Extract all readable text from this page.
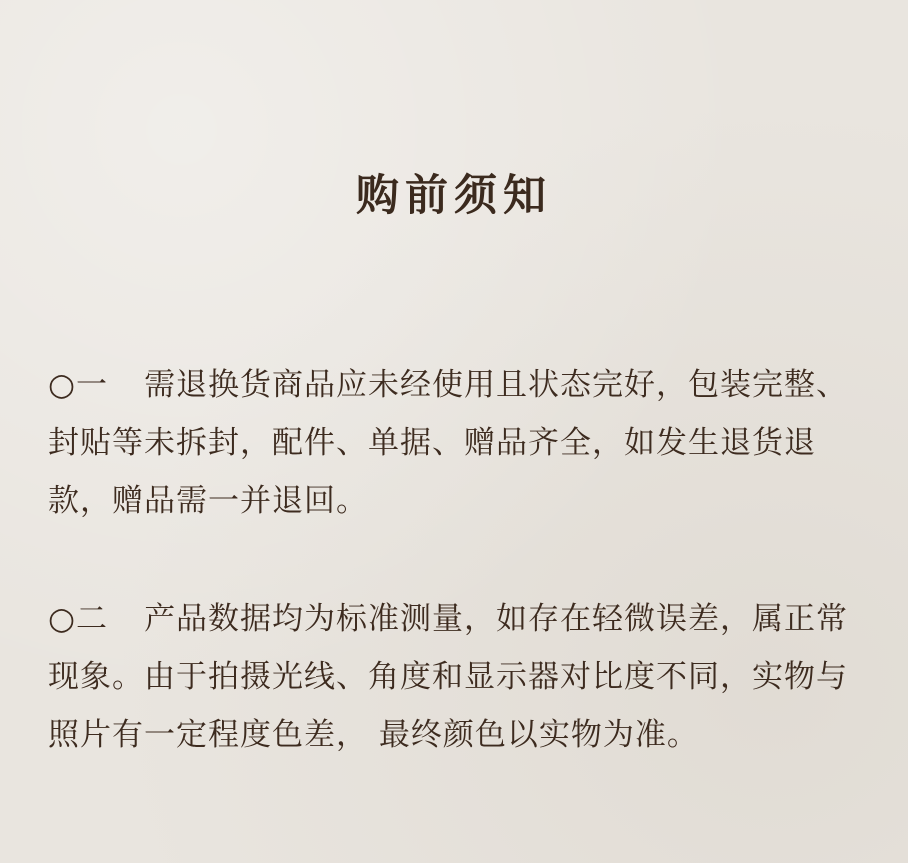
购前须知
○一 需退换货商品应未经使用且状态完好，包装完整、封贴等未拆封，配件、单据、赠品齐全，如发生退货退款，赠品需一并退回。
○二 产品数据均为标准测量，如存在轻微误差，属正常现象。由于拍摄光线、角度和显示器对比度不同，实物与照片有一定程度色差， 最终颜色以实物为准。
